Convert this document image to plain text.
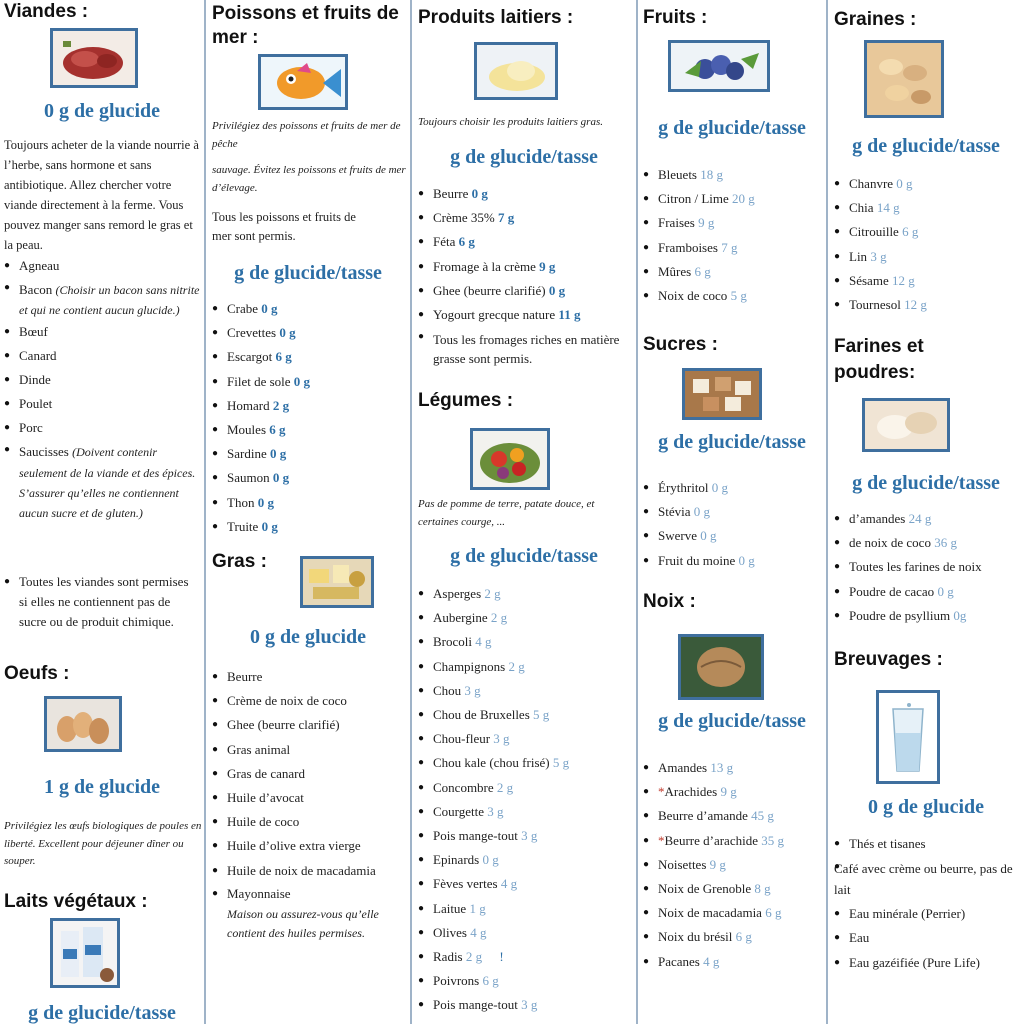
Viandes :

0 g de glucide

Toujours acheter de la viande nourrie à l’herbe, sans hormone et sans antibiotique. Allez chercher votre viande directement à la ferme. Vous pouvez manger sans remord le gras et la peau.

● Agneau
● Bacon (Choisir un bacon sans nitrite et qui ne contient aucun glucide.)
● Bœuf
● Canard
● Dinde
● Poulet
● Porc
● Saucisses (Doivent contenir seulement de la viande et des épices. S’assurer qu’elles ne contiennent aucun sucre et de gluten.)
● Toutes les viandes sont permises si elles ne contiennent pas de sucre ou de produit chimique.
Oeufs :

1 g de glucide

Privilégiez les œufs biologiques de poules en liberté. Excellent pour déjeuner dîner ou souper.

Laits végétaux :

g de glucide/tasse

Poissons et fruits de mer :

Privilégiez des poissons et fruits de mer de pêche

sauvage. Évitez les poissons et fruits de mer d’élevage.

Tous les poissons et fruits de mer sont permis.

g de glucide/tasse

● Crabe 0 g
● Crevettes 0 g
● Escargot 6 g
● Filet de sole 0 g
● Homard 2 g
● Moules 6 g
● Sardine 0 g
● Saumon 0 g
● Thon 0 g
● Truite 0 g
Gras :

0 g de glucide

● Beurre
● Crème de noix de coco
● Ghee (beurre clarifié)
● Gras animal
● Gras de canard
● Huile d’avocat
● Huile de coco
● Huile d’olive extra vierge
● Huile de noix de macadamia
● Mayonnaise
Maison ou assurez-vous qu’elle contient des huiles permises.
Produits laitiers :

Toujours choisir les produits laitiers gras.

g de glucide/tasse

● Beurre 0 g
● Crème 35% 7 g
● Féta 6 g
● Fromage à la crème 9 g
● Ghee (beurre clarifié) 0 g
● Yogourt grecque nature 11 g
● Tous les fromages riches en matière grasse sont permis.
Légumes :

Pas de pomme de terre, patate douce, et certaines courge, ...

g de glucide/tasse

● Asperges 2 g
● Aubergine 2 g
● Brocoli 4 g
● Champignons 2 g
● Chou 3 g
● Chou de Bruxelles 5 g
● Chou-fleur 3 g
● Chou kale (chou frisé) 5 g
● Concombre 2 g
● Courgette 3 g
● Pois mange-tout 3 g
● Epinards 0 g
● Fèves vertes 4 g
● Laitue 1 g
● Olives 4 g
● Radis 2 g !
● Poivrons 6 g
● Pois mange-tout 3 g
Fruits :

g de glucide/tasse

● Bleuets 18 g
● Citron / Lime 20 g
● Fraises 9 g
● Framboises 7 g
● Mûres 6 g
● Noix de coco 5 g
Sucres :

g de glucide/tasse

● Érythritol 0 g
● Stévia 0 g
● Swerve 0 g
● Fruit du moine 0 g
Noix :

g de glucide/tasse

● Amandes 13 g
● *Arachides 9 g
● Beurre d’amande 45 g
● *Beurre d’arachide 35 g
● Noisettes 9 g
● Noix de Grenoble 8 g
● Noix de macadamia 6 g
● Noix du brésil 6 g
● Pacanes 4 g
Graines :

g de glucide/tasse

● Chanvre 0 g
● Chia 14 g
● Citrouille 6 g
● Lin 3 g
● Sésame 12 g
● Tournesol 12 g
Farines et poudres:

g de glucide/tasse

● d’amandes 24 g
● de noix de coco 36 g
● Toutes les farines de noix
● Poudre de cacao 0 g
● Poudre de psyllium 0g
Breuvages :

0 g de glucide

● Thés et tisanes
● Café avec crème ou beurre, pas de lait
● Eau minérale (Perrier)
● Eau
● Eau gazéifiée (Pure Life)
